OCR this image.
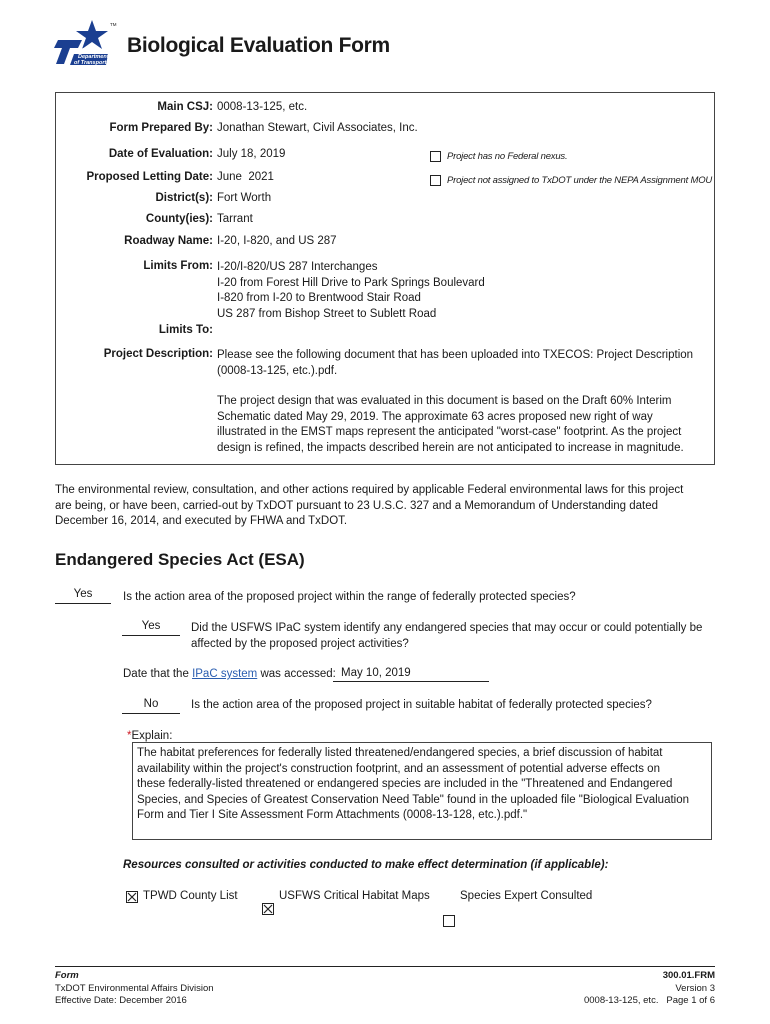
Texas
Department
of Transportation
TM
Biological Evaluation Form
Main CSJ: 0008-13-125, etc.
Form Prepared By: Jonathan Stewart, Civil Associates, Inc.
Date of Evaluation: July 18, 2019
Proposed Letting Date: June  2021
District(s): Fort Worth
County(ies): Tarrant
Roadway Name: I-20, I-820, and US 287
Limits From: I-20/I-820/US 287 Interchanges
I-20 from Forest Hill Drive to Park Springs Boulevard
I-820 from I-20 to Brentwood Stair Road
US 287 from Bishop Street to Sublett Road
Limits To:
Project Description: Please see the following document that has been uploaded into TXECOS: Project Description
(0008-13-125, etc.).pdf.
The project design that was evaluated in this document is based on the Draft 60% Interim
Schematic dated May 29, 2019. The approximate 63 acres proposed new right of way
illustrated in the EMST maps represent the anticipated "worst-case" footprint. As the project
design is refined, the impacts described herein are not anticipated to increase in magnitude.
Project has no Federal nexus.
Project not assigned to TxDOT under the NEPA Assignment MOU
The environmental review, consultation, and other actions required by applicable Federal environmental laws for this project
are being, or have been, carried-out by TxDOT pursuant to 23 U.S.C. 327 and a Memorandum of Understanding dated
December 16, 2014, and executed by FHWA and TxDOT.
Endangered Species Act (ESA)
Yes	Is the action area of the proposed project within the range of federally protected species?
Yes	Did the USFWS IPaC system identify any endangered species that may occur or could potentially be
affected by the proposed project activities?
Date that the IPaC system was accessed: May 10, 2019
No	Is the action area of the proposed project in suitable habitat of federally protected species?
*Explain:
The habitat preferences for federally listed threatened/endangered species, a brief discussion of habitat
availability within the project's construction footprint, and an assessment of potential adverse effects on
these federally-listed threatened or endangered species are included in the "Threatened and Endangered
Species, and Species of Greatest Conservation Need Table" found in the uploaded file "Biological Evaluation
Form and Tier I Site Assessment Form Attachments (0008-13-128, etc.).pdf."
Resources consulted or activities conducted to make effect determination (if applicable):
TPWD County List	USFWS Critical Habitat Maps	Species Expert Consulted
Form
TxDOT Environmental Affairs Division
Effective Date: December 2016
300.01.FRM
Version 3
0008-13-125, etc. Page 1 of 6
